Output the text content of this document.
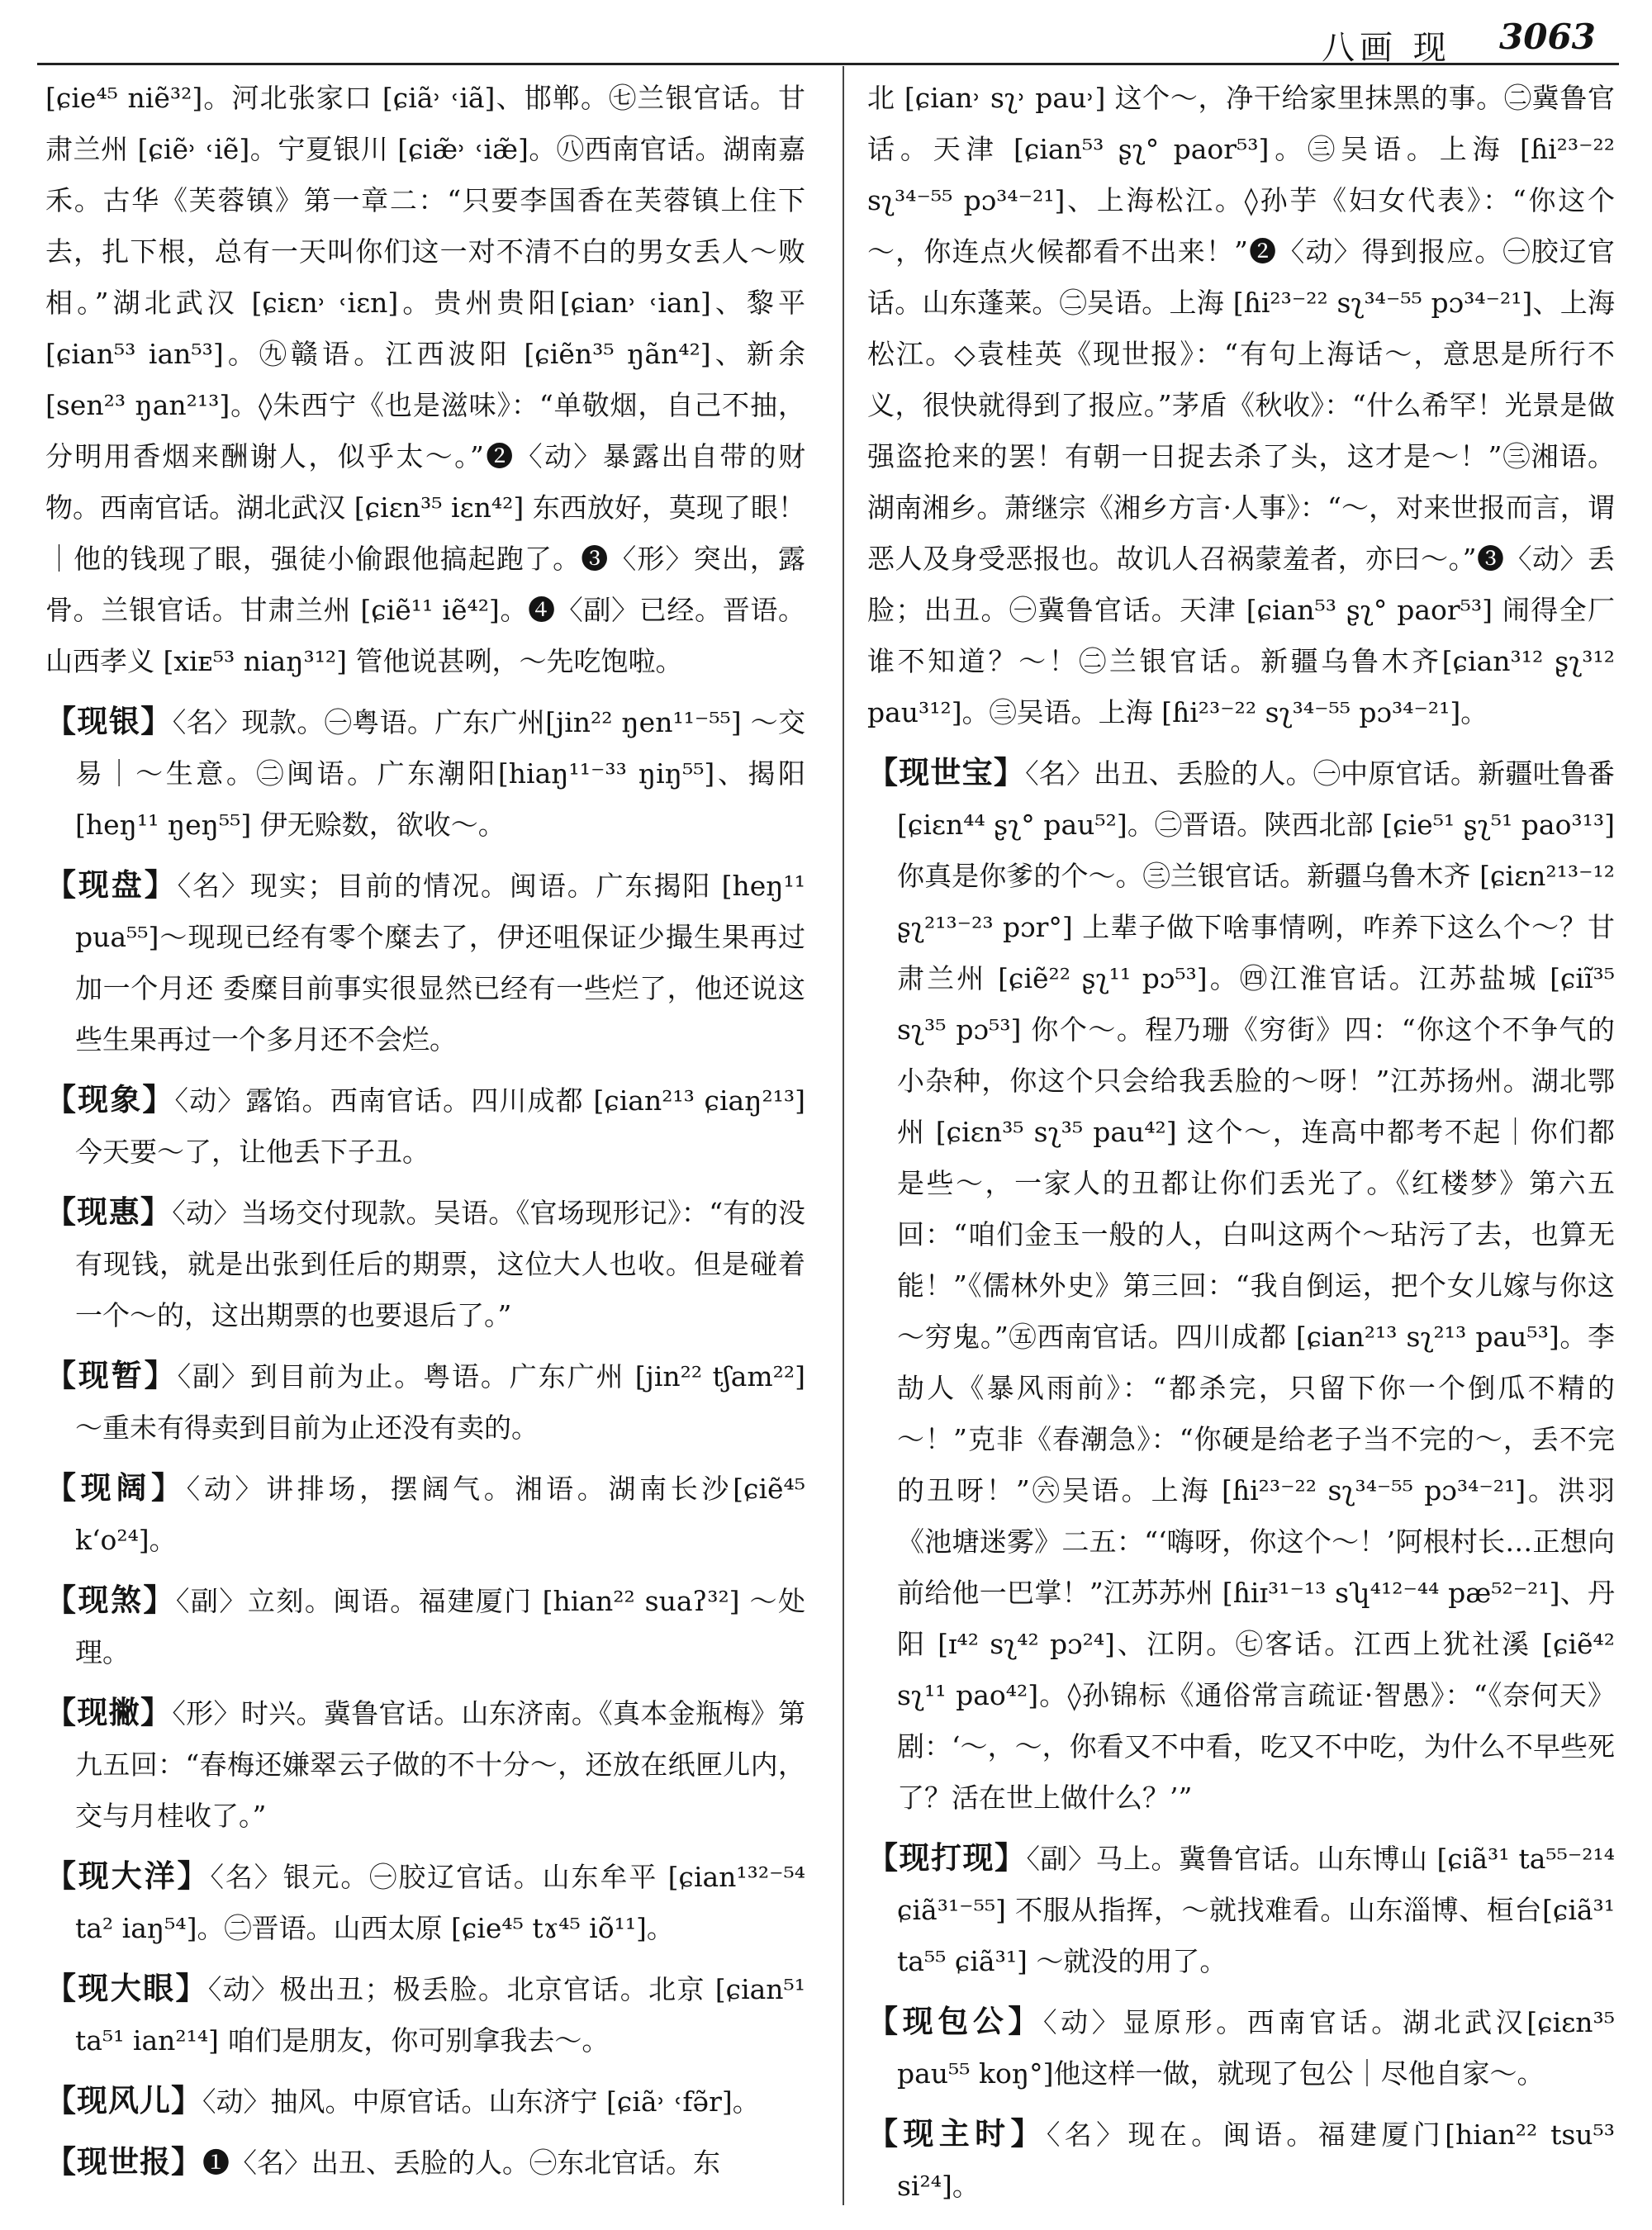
八画 现 3063

[ɕie⁴⁵ niẽ³²]。河北张家口 [ɕiã˒ ˓iã]、邯郸。㊆兰银官话。甘肃兰州 [ɕiẽ˒ ˓iẽ]。宁夏银川 [ɕiæ̃˒ ˓iæ̃]。㊇西南官话。湖南嘉禾。古华《芙蓉镇》第一章二：“只要李国香在芙蓉镇上住下去，扎下根，总有一天叫你们这一对不清不白的男女丢人～败相。”湖北武汉 [ɕiɛn˒ ˓iɛn]。贵州贵阳[ɕian˒ ˓ian]、黎平 [ɕian⁵³ ian⁵³]。㊈赣语。江西波阳 [ɕiẽn³⁵ ŋãn⁴²]、新余 [sen²³ ŋan²¹³]。◊朱西宁《也是滋味》：“单敬烟，自己不抽，分明用香烟来酬谢人，似乎太～。”❷〈动〉暴露出自带的财物。西南官话。湖北武汉 [ɕiɛn³⁵ iɛn⁴²] 东西放好，莫现了眼！｜他的钱现了眼，强徒小偷跟他搞起跑了。❸〈形〉突出，露骨。兰银官话。甘肃兰州 [ɕiẽ¹¹ iẽ⁴²]。❹〈副〉已经。晋语。山西孝义 [xiᴇ⁵³ niaŋ³¹²] 管他说甚咧，～先吃饱啦。

【现银】〈名〉现款。㊀粤语。广东广州[jin²² ŋen¹¹⁻⁵⁵] ～交易｜～生意。㊁闽语。广东潮阳[hiaŋ¹¹⁻³³ ŋiŋ⁵⁵]、揭阳 [heŋ¹¹ ŋeŋ⁵⁵] 伊无赊数，欲收～。

【现盘】〈名〉现实；目前的情况。闽语。广东揭阳 [heŋ¹¹ pua⁵⁵]～现现已经有零个糜去了，伊还咀保证少撮生果再过加一个月还 委糜目前事实很显然已经有一些烂了，他还说这些生果再过一个多月还不会烂。

【现象】〈动〉露馅。西南官话。四川成都 [ɕian²¹³ ɕiaŋ²¹³] 今天要～了，让他丢下子丑。

【现惠】〈动〉当场交付现款。吴语。《官场现形记》：“有的没有现钱，就是出张到任后的期票，这位大人也收。但是碰着一个～的，这出期票的也要退后了。”

【现暂】〈副〉到目前为止。粤语。广东广州 [jin²² tʃam²²] ～重未有得卖到目前为止还没有卖的。

【现阔】〈动〉讲排场，摆阔气。湘语。湖南长沙[ɕiẽ⁴⁵ k‘o²⁴]。

【现煞】〈副〉立刻。闽语。福建厦门 [hian²² suaʔ³²] ～处理。

【现撇】〈形〉时兴。冀鲁官话。山东济南。《真本金瓶梅》第九五回：“春梅还嫌翠云子做的不十分～，还放在纸匣儿内，交与月桂收了。”

【现大洋】〈名〉银元。㊀胶辽官话。山东牟平 [ɕian¹³²⁻⁵⁴ ta² iaŋ⁵⁴]。㊁晋语。山西太原 [ɕie⁴⁵ tɤ⁴⁵ iõ¹¹]。

【现大眼】〈动〉极出丑；极丢脸。北京官话。北京 [ɕian⁵¹ ta⁵¹ ian²¹⁴] 咱们是朋友，你可别拿我去～。

【现风儿】〈动〉抽风。中原官话。山东济宁 [ɕiã˒ ˓fə̃r]。

【现世报】❶〈名〉出丑、丢脸的人。㊀东北官话。东

北 [ɕian˒ sʅ˒ pau˒] 这个～，净干给家里抹黑的事。㊁冀鲁官话。天津 [ɕian⁵³ ʂʅ° paor⁵³]。㊂吴语。上海 [ɦi²³⁻²² sʅ³⁴⁻⁵⁵ pɔ³⁴⁻²¹]、上海松江。◊孙芋《妇女代表》：“你这个～，你连点火候都看不出来！”❷〈动〉得到报应。㊀胶辽官话。山东蓬莱。㊁吴语。上海 [ɦi²³⁻²² sʅ³⁴⁻⁵⁵ pɔ³⁴⁻²¹]、上海松江。◇袁桂英《现世报》：“有句上海话～，意思是所行不义，很快就得到了报应。”茅盾《秋收》：“什么希罕！光景是做强盗抢来的罢！有朝一日捉去杀了头，这才是～！”㊂湘语。湖南湘乡。萧继宗《湘乡方言·人事》：“～，对来世报而言，谓恶人及身受恶报也。故讥人召祸蒙羞者，亦曰～。”❸〈动〉丢脸；出丑。㊀冀鲁官话。天津 [ɕian⁵³ ʂʅ° paor⁵³] 闹得全厂谁不知道？～！㊁兰银官话。新疆乌鲁木齐[ɕian³¹² ʂʅ³¹² pau³¹²]。㊂吴语。上海 [ɦi²³⁻²² sʅ³⁴⁻⁵⁵ pɔ³⁴⁻²¹]。

【现世宝】〈名〉出丑、丢脸的人。㊀中原官话。新疆吐鲁番 [ɕiɛn⁴⁴ ʂʅ° pau⁵²]。㊁晋语。陕西北部 [ɕie⁵¹ ʂʅ⁵¹ pao³¹³] 你真是你爹的个～。㊂兰银官话。新疆乌鲁木齐 [ɕiɛn²¹³⁻¹² ʂʅ²¹³⁻²³ pɔr°] 上辈子做下啥事情咧，咋养下这么个～？甘肃兰州 [ɕiẽ²² ʂʅ¹¹ pɔ⁵³]。㊃江淮官话。江苏盐城 [ɕiĩ³⁵ sʅ³⁵ pɔ⁵³] 你个～。程乃珊《穷街》四：“你这个不争气的小杂种，你这个只会给我丢脸的～呀！”江苏扬州。湖北鄂州 [ɕiɛn³⁵ sʅ³⁵ pau⁴²] 这个～，连高中都考不起｜你们都是些～，一家人的丑都让你们丢光了。《红楼梦》第六五回：“咱们金玉一般的人，白叫这两个～玷污了去，也算无能！”《儒林外史》第三回：“我自倒运，把个女儿嫁与你这～穷鬼。”㊄西南官话。四川成都 [ɕian²¹³ sʅ²¹³ pau⁵³]。李劼人《暴风雨前》：“都杀完，只留下你一个倒瓜不精的～！”克非《春潮急》：“你硬是给老子当不完的～，丢不完的丑呀！”㊅吴语。上海 [ɦi²³⁻²² sʅ³⁴⁻⁵⁵ pɔ³⁴⁻²¹]。洪羽《池塘迷雾》二五：“‘嗨呀，你这个～！’阿根村长…正想向前给他一巴掌！”江苏苏州 [ɦiɪ³¹⁻¹³ sʮ⁴¹²⁻⁴⁴ pæ⁵²⁻²¹]、丹阳 [ɪ⁴² sʅ⁴² pɔ²⁴]、江阴。㊆客话。江西上犹社溪 [ɕiẽ⁴² sʅ¹¹ pao⁴²]。◊孙锦标《通俗常言疏证·智愚》：“《奈何天》剧：‘～，～，你看又不中看，吃又不中吃，为什么不早些死了？活在世上做什么？’”

【现打现】〈副〉马上。冀鲁官话。山东博山 [ɕiã³¹ ta⁵⁵⁻²¹⁴ ɕiã³¹⁻⁵⁵] 不服从指挥，～就找难看。山东淄博、桓台[ɕiã³¹ ta⁵⁵ ɕiã³¹] ～就没的用了。

【现包公】〈动〉显原形。西南官话。湖北武汉[ɕiɛn³⁵ pau⁵⁵ koŋ°]他这样一做，就现了包公｜尽他自家～。

【现主时】〈名〉现在。闽语。福建厦门[hian²² tsu⁵³ si²⁴]。
